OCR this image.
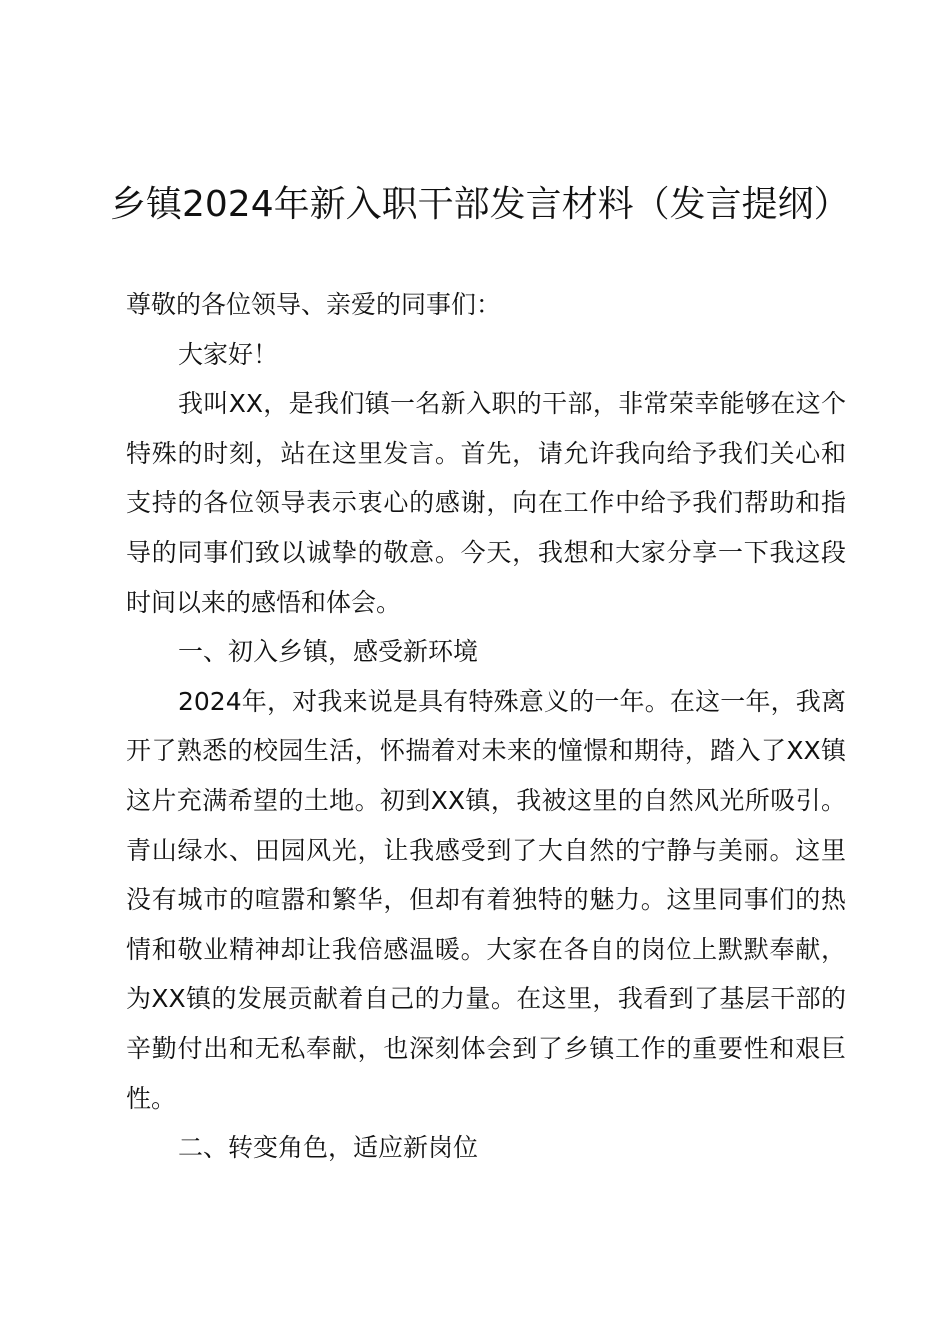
乡镇2024年新入职干部发言材料（发言提纲）

尊敬的各位领导、亲爱的同事们：

大家好！

我叫XX，是我们镇一名新入职的干部，非常荣幸能够在这个特殊的时刻，站在这里发言。首先，请允许我向给予我们关心和支持的各位领导表示衷心的感谢，向在工作中给予我们帮助和指导的同事们致以诚挚的敬意。今天，我想和大家分享一下我这段时间以来的感悟和体会。

一、初入乡镇，感受新环境

2024年，对我来说是具有特殊意义的一年。在这一年，我离开了熟悉的校园生活，怀揣着对未来的憧憬和期待，踏入了XX镇这片充满希望的土地。初到XX镇，我被这里的自然风光所吸引。青山绿水、田园风光，让我感受到了大自然的宁静与美丽。这里没有城市的喧嚣和繁华，但却有着独特的魅力。这里同事们的热情和敬业精神却让我倍感温暖。大家在各自的岗位上默默奉献，为XX镇的发展贡献着自己的力量。在这里，我看到了基层干部的辛勤付出和无私奉献，也深刻体会到了乡镇工作的重要性和艰巨性。

二、转变角色，适应新岗位
